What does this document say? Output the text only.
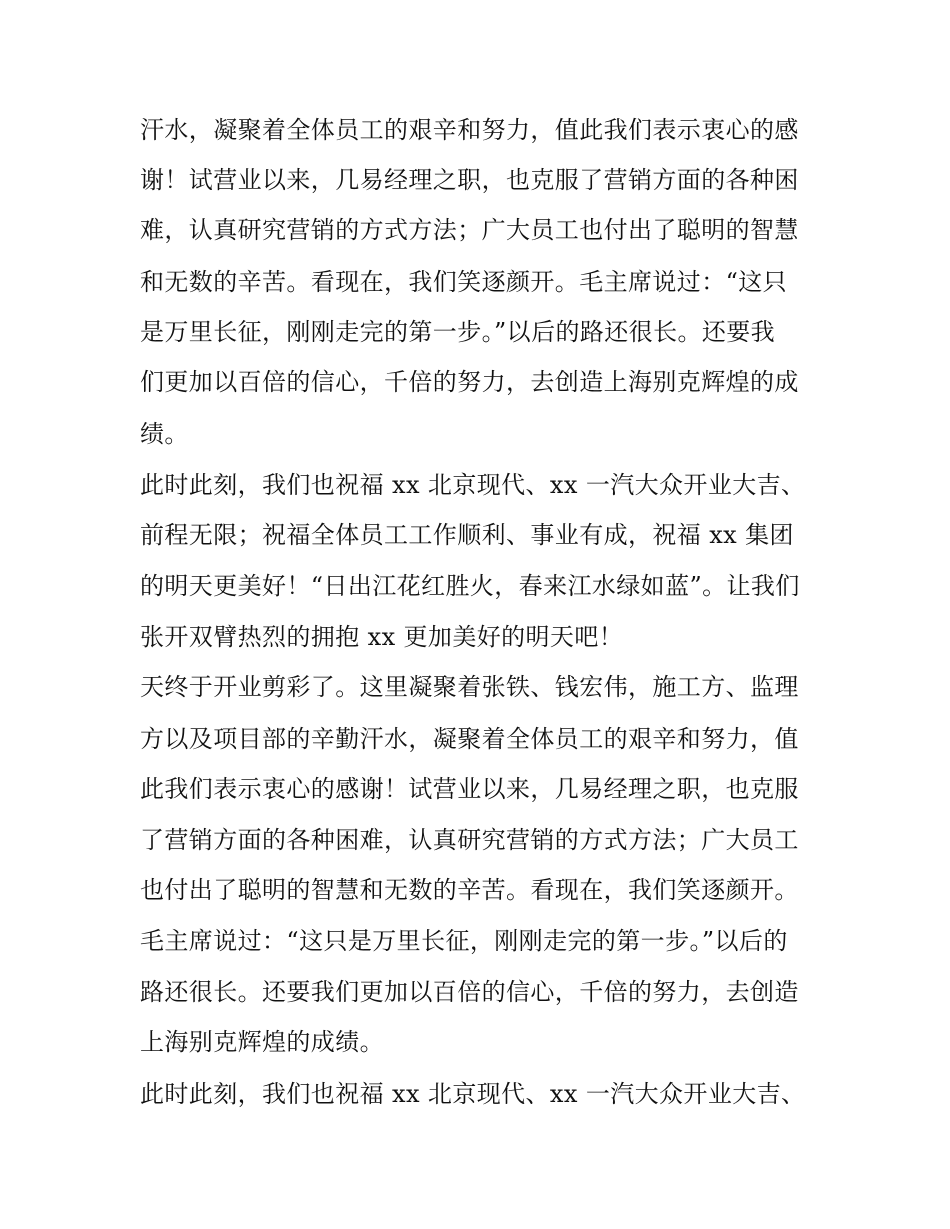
汗水，凝聚着全体员工的艰辛和努力，值此我们表示衷心的感
谢！试营业以来，几易经理之职，也克服了营销方面的各种困
难，认真研究营销的方式方法；广大员工也付出了聪明的智慧
和无数的辛苦。看现在，我们笑逐颜开。毛主席说过：“这只
是万里长征，刚刚走完的第一步。”以后的路还很长。还要我
们更加以百倍的信心，千倍的努力，去创造上海别克辉煌的成
绩。
此时此刻，我们也祝福 xx 北京现代、xx 一汽大众开业大吉、
前程无限；祝福全体员工工作顺利、事业有成，祝福 xx 集团
的明天更美好！“日出江花红胜火，春来江水绿如蓝”。让我们
张开双臂热烈的拥抱 xx 更加美好的明天吧！
天终于开业剪彩了。这里凝聚着张铁、钱宏伟，施工方、监理
方以及项目部的辛勤汗水，凝聚着全体员工的艰辛和努力，值
此我们表示衷心的感谢！试营业以来，几易经理之职，也克服
了营销方面的各种困难，认真研究营销的方式方法；广大员工
也付出了聪明的智慧和无数的辛苦。看现在，我们笑逐颜开。
毛主席说过：“这只是万里长征，刚刚走完的第一步。”以后的
路还很长。还要我们更加以百倍的信心，千倍的努力，去创造
上海别克辉煌的成绩。
此时此刻，我们也祝福 xx 北京现代、xx 一汽大众开业大吉、
